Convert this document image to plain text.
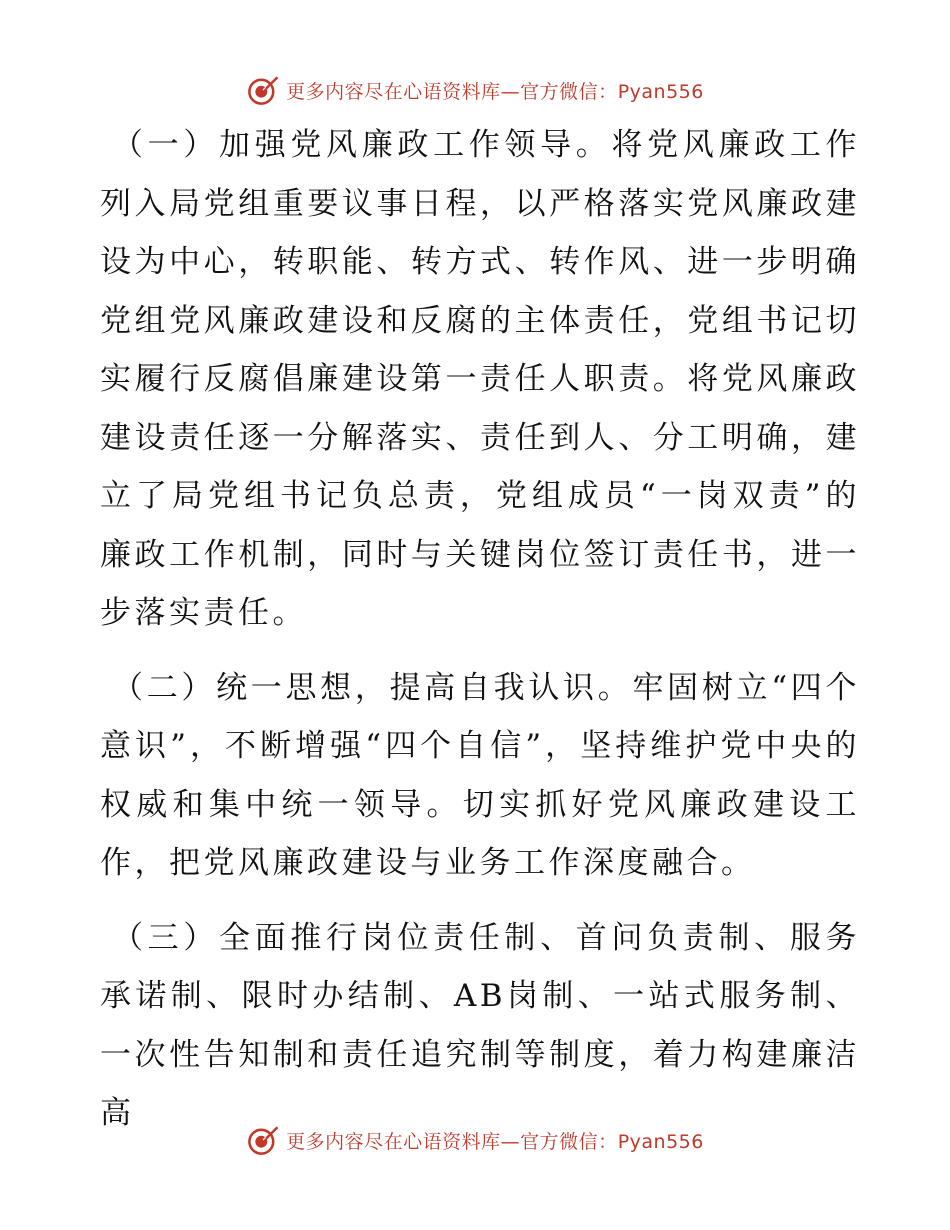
更多内容尽在心语资料库—官方微信：Pyan556

（一）加强党风廉政工作领导。将党风廉政工作列入局党组重要议事日程，以严格落实党风廉政建设为中心，转职能、转方式、转作风、进一步明确党组党风廉政建设和反腐的主体责任，党组书记切实履行反腐倡廉建设第一责任人职责。将党风廉政建设责任逐一分解落实、责任到人、分工明确，建立了局党组书记负总责，党组成员“一岗双责”的廉政工作机制，同时与关键岗位签订责任书，进一步落实责任。

（二）统一思想，提高自我认识。牢固树立“四个意识”，不断增强“四个自信”，坚持维护党中央的权威和集中统一领导。切实抓好党风廉政建设工作，把党风廉政建设与业务工作深度融合。

（三）全面推行岗位责任制、首问负责制、服务承诺制、限时办结制、AB岗制、一站式服务制、一次性告知制和责任追究制等制度，着力构建廉洁高

更多内容尽在心语资料库—官方微信：Pyan556
